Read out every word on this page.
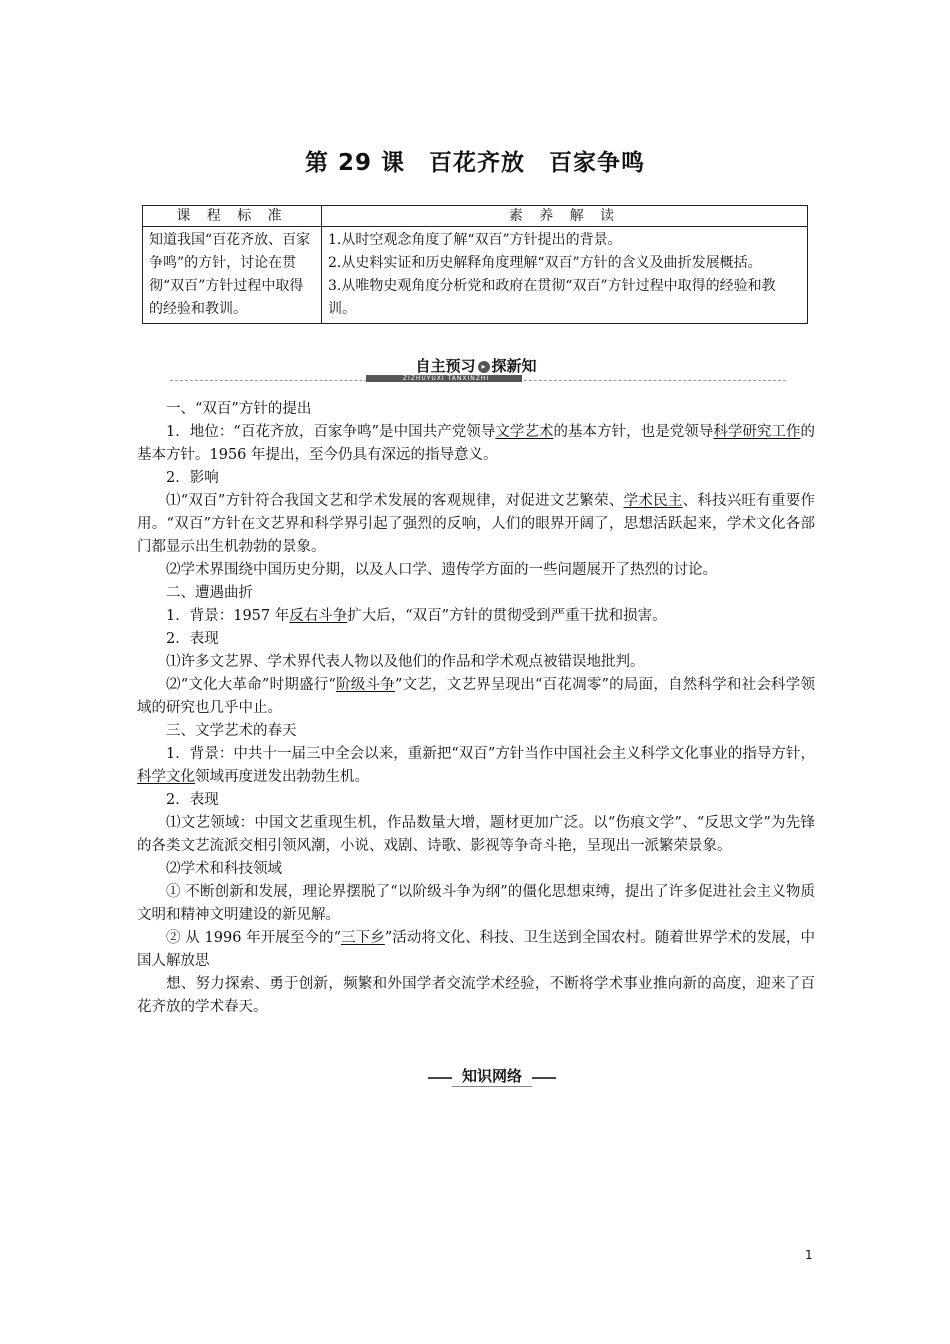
第 29 课　百花齐放　百家争鸣
课 程 标 准	素 养 解 读
知道我国“百花齐放、百家争鸣”的方针，讨论在贯彻“双百”方针过程中取得的经验和教训。	1.从时空观念角度了解“双百”方针提出的背景。
2.从史料实证和历史解释角度理解“双百”方针的含义及曲折发展概括。
3.从唯物史观角度分析党和政府在贯彻“双百”方针过程中取得的经验和教训。
自主预习 ▸ 探新知
ZIZHUYUXI TANXINZHI

一、“双百”方针的提出

1．地位：“百花齐放，百家争鸣”是中国共产党领导文学艺术的基本方针，也是党领导科学研究工作的基本方针。1956 年提出，至今仍具有深远的指导意义。

2．影响

⑴“双百”方针符合我国文艺和学术发展的客观规律，对促进文艺繁荣、学术民主、科技兴旺有重要作用。“双百”方针在文艺界和科学界引起了强烈的反响，人们的眼界开阔了，思想活跃起来，学术文化各部门都显示出生机勃勃的景象。

⑵学术界围绕中国历史分期，以及人口学、遗传学方面的一些问题展开了热烈的讨论。

二、遭遇曲折

1．背景：1957 年反右斗争扩大后，“双百”方针的贯彻受到严重干扰和损害。

2．表现

⑴许多文艺界、学术界代表人物以及他们的作品和学术观点被错误地批判。

⑵“文化大革命”时期盛行“阶级斗争”文艺，文艺界呈现出“百花凋零”的局面，自然科学和社会科学领域的研究也几乎中止。

三、文学艺术的春天

1．背景：中共十一届三中全会以来，重新把“双百”方针当作中国社会主义科学文化事业的指导方针，科学文化领域再度迸发出勃勃生机。

2．表现

⑴文艺领域：中国文艺重现生机，作品数量大增，题材更加广泛。以“伤痕文学”、“反思文学”为先锋的各类文艺流派交相引领风潮，小说、戏剧、诗歌、影视等争奇斗艳，呈现出一派繁荣景象。

⑵学术和科技领域

① 不断创新和发展，理论界摆脱了“以阶级斗争为纲”的僵化思想束缚，提出了许多促进社会主义物质文明和精神文明建设的新见解。

② 从 1996 年开展至今的“三下乡”活动将文化、科技、卫生送到全国农村。随着世界学术的发展，中国人解放思

想、努力探索、勇于创新，频繁和外国学者交流学术经验，不断将学术事业推向新的高度，迎来了百花齐放的学术春天。

知识网络
1
